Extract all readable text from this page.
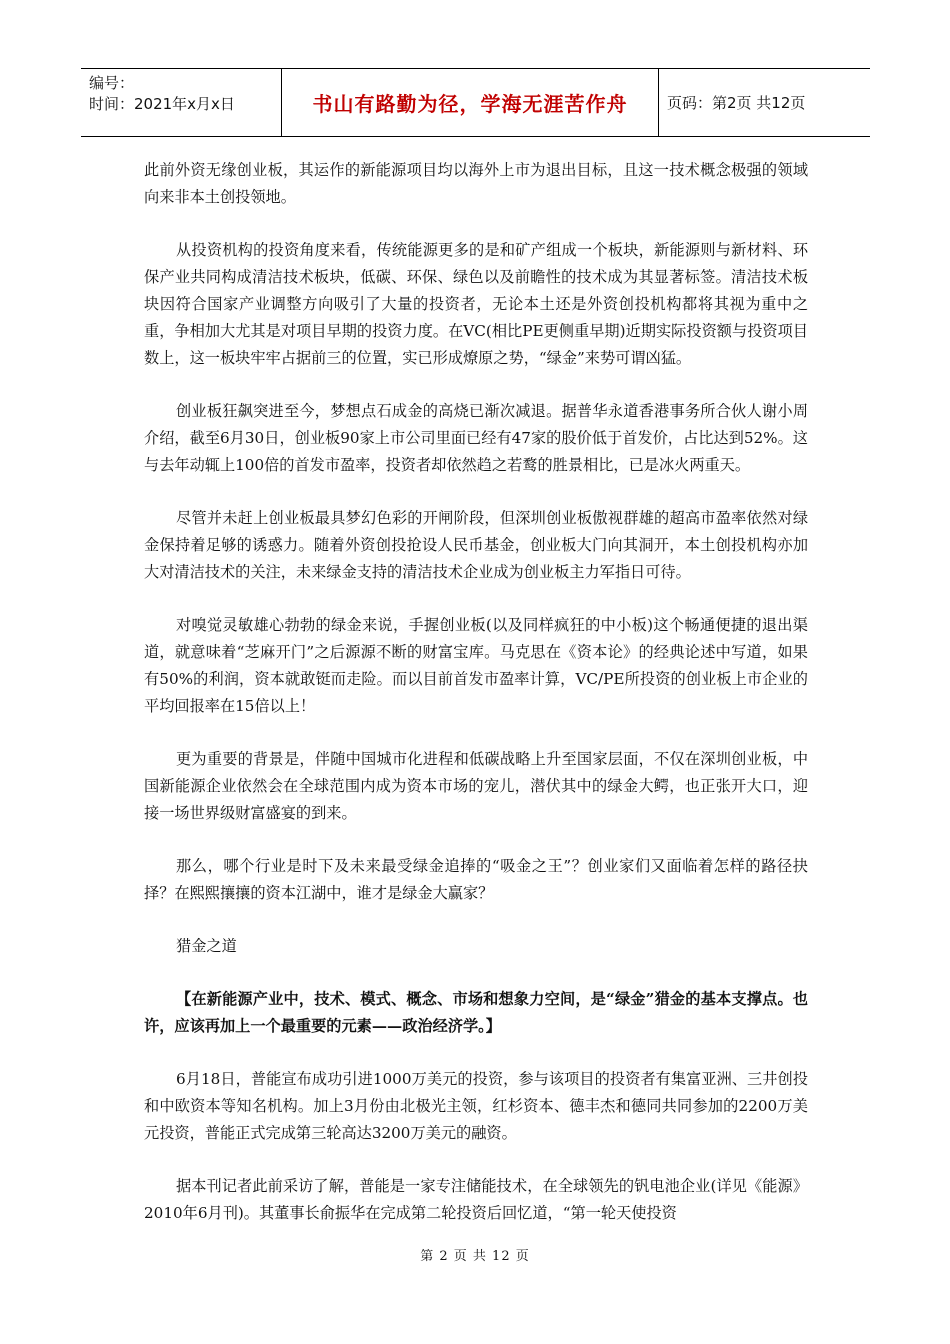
编号：
时间：2021年x月x日	书山有路勤为径，学海无涯苦作舟	页码：第2页 共12页

此前外资无缘创业板，其运作的新能源项目均以海外上市为退出目标，且这一技术概念极强的领域向来非本土创投领地。

从投资机构的投资角度来看，传统能源更多的是和矿产组成一个板块，新能源则与新材料、环保产业共同构成清洁技术板块，低碳、环保、绿色以及前瞻性的技术成为其显著标签。清洁技术板块因符合国家产业调整方向吸引了大量的投资者，无论本土还是外资创投机构都将其视为重中之重，争相加大尤其是对项目早期的投资力度。在VC(相比PE更侧重早期)近期实际投资额与投资项目数上，这一板块牢牢占据前三的位置，实已形成燎原之势，“绿金”来势可谓凶猛。

创业板狂飙突进至今，梦想点石成金的高烧已渐次减退。据普华永道香港事务所合伙人谢小周介绍，截至6月30日，创业板90家上市公司里面已经有47家的股价低于首发价，占比达到52%。这与去年动辄上100倍的首发市盈率，投资者却依然趋之若鹜的胜景相比，已是冰火两重天。

尽管并未赶上创业板最具梦幻色彩的开闸阶段，但深圳创业板傲视群雄的超高市盈率依然对绿金保持着足够的诱惑力。随着外资创投抢设人民币基金，创业板大门向其洞开，本土创投机构亦加大对清洁技术的关注，未来绿金支持的清洁技术企业成为创业板主力军指日可待。

对嗅觉灵敏雄心勃勃的绿金来说，手握创业板(以及同样疯狂的中小板)这个畅通便捷的退出渠道，就意味着“芝麻开门”之后源源不断的财富宝库。马克思在《资本论》的经典论述中写道，如果有50%的利润，资本就敢铤而走险。而以目前首发市盈率计算，VC/PE所投资的创业板上市企业的平均回报率在15倍以上！

更为重要的背景是，伴随中国城市化进程和低碳战略上升至国家层面，不仅在深圳创业板，中国新能源企业依然会在全球范围内成为资本市场的宠儿，潜伏其中的绿金大鳄，也正张开大口，迎接一场世界级财富盛宴的到来。

那么，哪个行业是时下及未来最受绿金追捧的“吸金之王”？创业家们又面临着怎样的路径抉择？在熙熙攘攘的资本江湖中，谁才是绿金大赢家？

猎金之道

【在新能源产业中，技术、模式、概念、市场和想象力空间，是“绿金”猎金的基本支撑点。也许，应该再加上一个最重要的元素——政治经济学。】

6月18日，普能宣布成功引进1000万美元的投资，参与该项目的投资者有集富亚洲、三井创投和中欧资本等知名机构。加上3月份由北极光主领，红杉资本、德丰杰和德同共同参加的2200万美元投资，普能正式完成第三轮高达3200万美元的融资。

据本刊记者此前采访了解，普能是一家专注储能技术，在全球领先的钒电池企业(详见《能源》2010年6月刊)。其董事长俞振华在完成第二轮投资后回忆道，“第一轮天使投资

第 2 页 共 12 页
